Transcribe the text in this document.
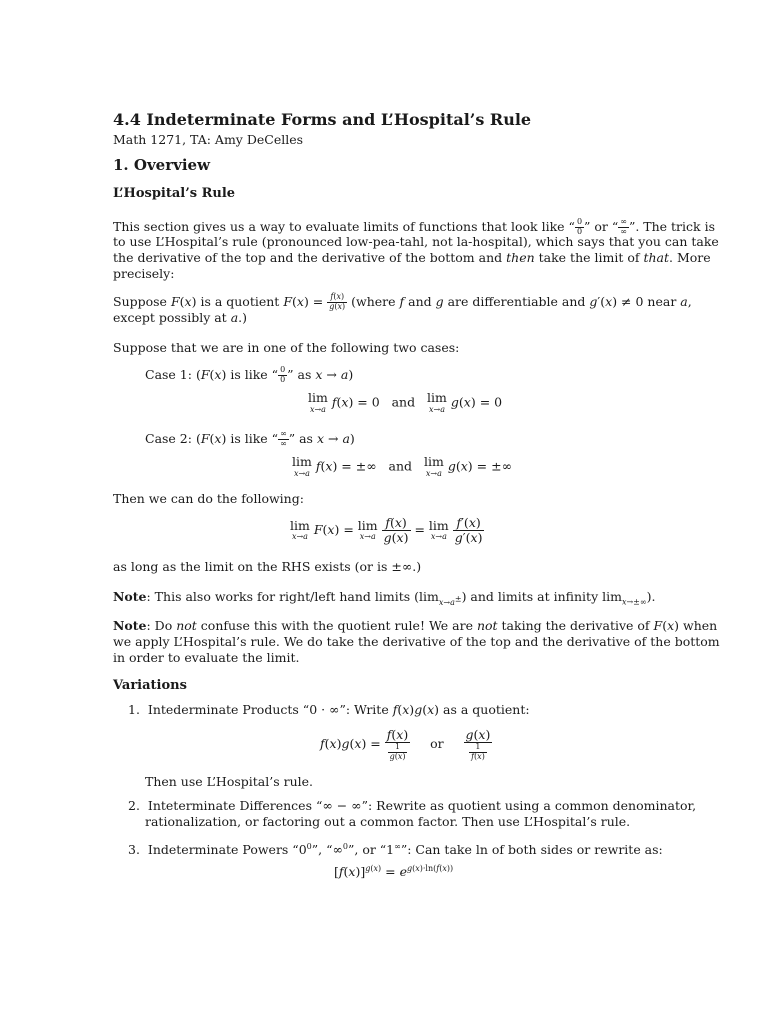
4.4 Indeterminate Forms and L’Hospital’s Rule
Math 1271, TA: Amy DeCelles
1. Overview
L’Hospital’s Rule
This section gives us a way to evaluate limits of functions that look like “ $\frac{0}{0}$ ” or “ $\frac{\infty}{\infty}$ ”. The trick is
to use L’Hospital’s rule (pronounced low-pea-tahl, not la-hospital), which says that you can take
the derivative of the top and the derivative of the bottom and then take the limit of that. More
precisely:
Suppose F(x) is a quotient $F(x) = \frac{f(x)}{g(x)}$ (where f and g are differentiable and g′(x) ≠ 0 near a,
except possibly at a.)
Suppose that we are in one of the following two cases:
Case 1: (F(x) is like “ $\frac{0}{0}$ ” as x → a)
lim
x→a f(x) = 0   and lim
x→a g(x) = 0
Case 2: (F(x) is like “ $\frac{\infty}{\infty}$ ” as x → a)
lim
x→a f(x) = ±∞   and lim
x→a g(x) = ±∞
Then we can do the following:
lim
x→a F(x) = lim
x→a
$\frac{f(x)}{g(x)} = \lim$
x→a
$\frac{f'(x)}{g'(x)}$
as long as the limit on the RHS exists (or is ±∞.)
Note: This also works for right/left hand limits $(\lim_{x\to a^\pm})$ and limits at infinity $\lim_{x\to\pm\infty}$).
Note: Do not confuse this with the quotient rule! We are not taking the derivative of F(x) when
we apply L’Hospital’s rule. We do take the derivative of the top and the derivative of the bottom
in order to evaluate the limit.
Variations
1. Intederminate Products “0 · ∞”: Write f(x)g(x) as a quotient:
$f(x)g(x) = \frac{f(x)}{\frac{1}{g(x)}}$ or $\frac{g(x)}{\frac{1}{f(x)}}$
Then use L’Hospital’s rule.
2. Inteterminate Differences “∞ − ∞”: Rewrite as quotient using a common denominator,
rationalization, or factoring out a common factor. Then use L’Hospital’s rule.
3. Indeterminate Powers “$0^0$”, “∞$^0$”, or “1∞”: Can take ln of both sides or rewrite as:
$[f(x)]^{g(x)} = e^{g(x)\cdot ln(f(x))}$
